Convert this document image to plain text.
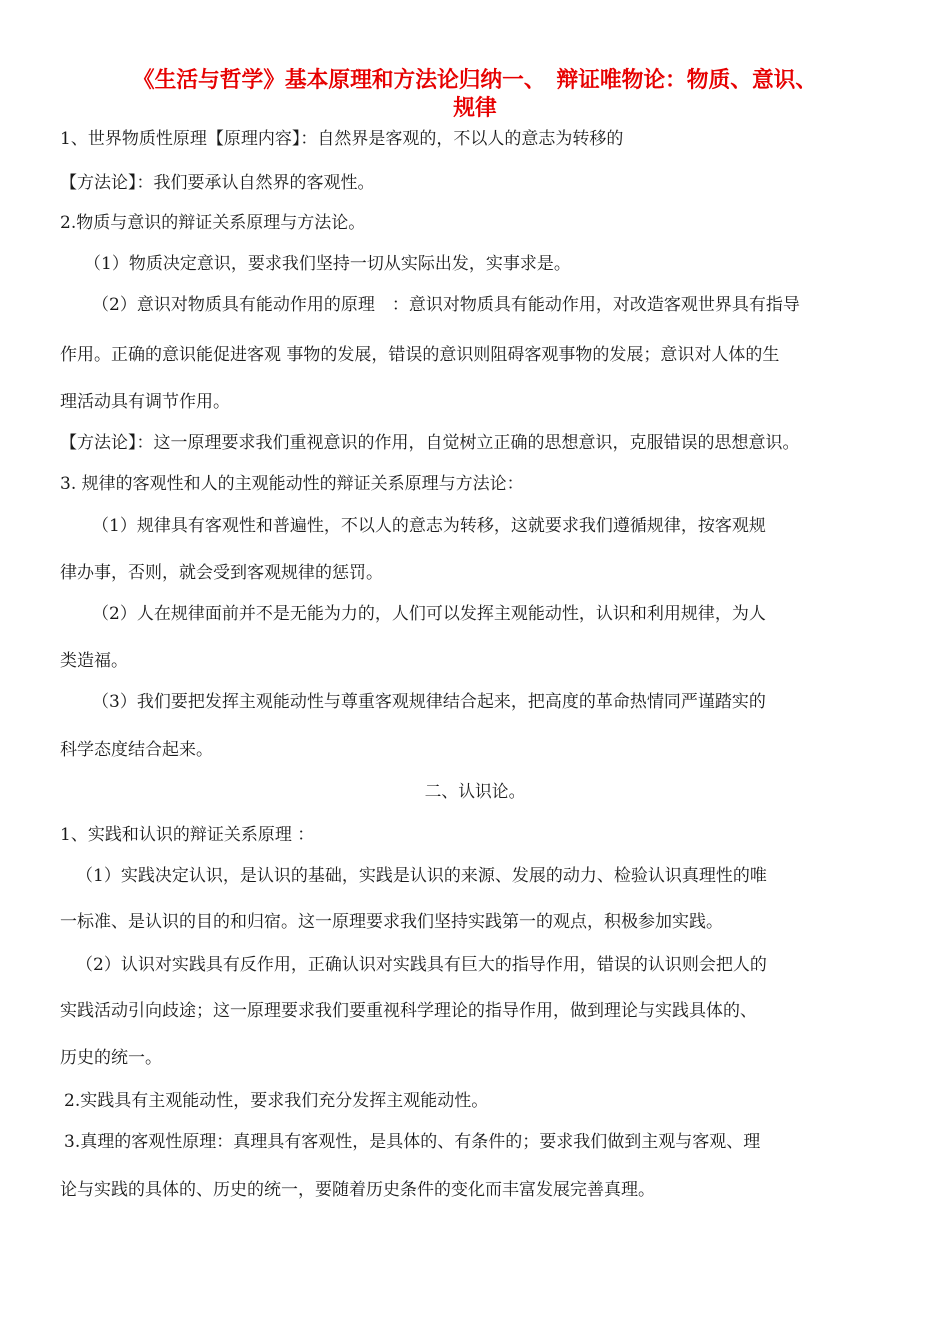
《生活与哲学》基本原理和方法论归纳一、　辩证唯物论：物质、意识、
规律
1、世界物质性原理【原理内容】：自然界是客观的，不以人的意志为转移的
【方法论】：我们要承认自然界的客观性。
2.物质与意识的辩证关系原理与方法论。
（1）物质决定意识，要求我们坚持一切从实际出发，实事求是。
（2）意识对物质具有能动作用的原理　：意识对物质具有能动作用，对改造客观世界具有指导
作用。正确的意识能促进客观 事物的发展，错误的意识则阻碍客观事物的发展；意识对人体的生
理活动具有调节作用。
【方法论】：这一原理要求我们重视意识的作用，自觉树立正确的思想意识，克服错误的思想意识。
3. 规律的客观性和人的主观能动性的辩证关系原理与方法论：
（1）规律具有客观性和普遍性，不以人的意志为转移，这就要求我们遵循规律，按客观规
律办事，否则，就会受到客观规律的惩罚。
（2）人在规律面前并不是无能为力的，人们可以发挥主观能动性，认识和利用规律，为人
类造福。
（3）我们要把发挥主观能动性与尊重客观规律结合起来，把高度的革命热情同严谨踏实的
科学态度结合起来。
二、认识论。
1、实践和认识的辩证关系原理 ：
（1）实践决定认识，是认识的基础，实践是认识的来源、发展的动力、检验认识真理性的唯
一标准、是认识的目的和归宿。这一原理要求我们坚持实践第一的观点，积极参加实践。
（2）认识对实践具有反作用，正确认识对实践具有巨大的指导作用，错误的认识则会把人的
实践活动引向歧途；这一原理要求我们要重视科学理论的指导作用，做到理论与实践具体的、
历史的统一。
2.实践具有主观能动性，要求我们充分发挥主观能动性。
3.真理的客观性原理：真理具有客观性，是具体的、有条件的；要求我们做到主观与客观、理
论与实践的具体的、历史的统一，要随着历史条件的变化而丰富发展完善真理。
